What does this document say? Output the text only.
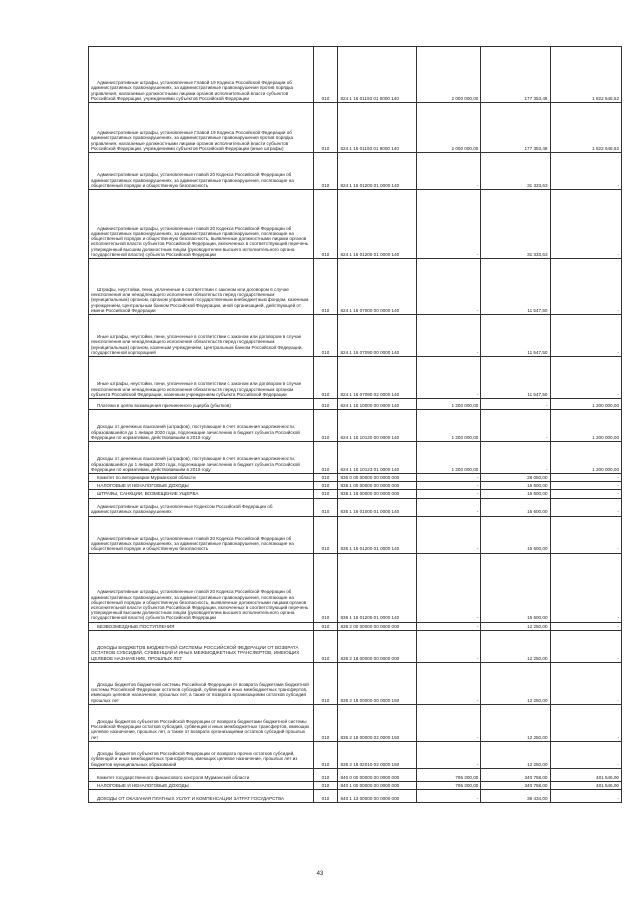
Административные штрафы, установленные Главой 19 Кодекса Российской Федерации об административных правонарушениях, за административные правонарушения против порядка управления, налагаемые должностными лицами органов исполнительной власти субъектов Российской Федерации, учреждениями субъектов Российской Федерации	010	824 1 16 01193 01 0000 140	2 000 000,00	177 353,48	1 822 646,52
Административные штрафы, установленные Главой 19 Кодекса Российской Федерации об административных правонарушениях, за административные правонарушения против порядка управления, налагаемые должностными лицами органов исполнительной власти субъектов Российской Федерации, учреждениями субъектов Российской Федерации (иные штрафы)	010	824 1 16 01193 01 9000 140	2 000 000,00	177 353,48	1 822 646,52
Административные штрафы, установленные главой 20 Кодекса Российской Федерации об административных правонарушениях, за административные правонарушения, посягающие на общественный порядок и общественную безопасность	010	824 1 16 01200 01 0000 140	-	31 333,63	-
Административные штрафы, установленные главой 20 Кодекса Российской Федерации об административных правонарушениях, за административные правонарушения, посягающие на общественный порядок и общественную безопасность, выявленные должностными лицами органов исполнительной власти субъектов Российской Федерации, включенных в соответствующий перечень утвержденный высшим должностным лицом (руководителем высшего исполнительного органа государственной власти) субъекта Российской Федерации	010	824 1 16 01205 01 0000 140	-	31 333,63	-
Штрафы, неустойки, пени, уплаченные в соответствии с законом или договором в случае неисполнения или ненадлежащего исполнения обязательств перед государственным (муниципальным) органом, органом управления государственным внебюджетным фондом, казенным учреждением, Центральным банком Российской Федерации, иной организацией, действующей от имени Российской Федерации	010	824 1 16 07000 00 0000 140	-	11 547,50	-
Иные штрафы, неустойки, пени, уплаченные в соответствии с законом или договором в случае неисполнения или ненадлежащего исполнения обязательств перед государственным (муниципальным) органом, казенным учреждением, Центральным банком Российской Федерации, государственной корпорацией	010	824 1 16 07090 00 0000 140	-	11 547,50	-
Иные штрафы, неустойки, пени, уплаченные в соответствии с законом или договором в случае неисполнения или ненадлежащего исполнения обязательств перед государственным органом субъекта Российской Федерации, казенным учреждением субъекта Российской Федерации	010	824 1 16 07090 02 0000 140	-	11 547,50	-
Платежи в целях возмещения причиненного ущерба (убытков)	010	824 1 16 10000 00 0000 140	1 200 000,00	-	1 200 000,00
Доходы от денежных взысканий (штрафов), поступающие в счет погашения задолженности, образовавшейся до 1 января 2020 года, подлежащие зачислению в бюджет субъекта Российской Федерации по нормативам, действовавшим в 2019 году	010	824 1 16 10120 00 0000 140	1 200 000,00	-	1 200 000,00
Доходы от денежных взысканий (штрафов), поступающие в счет погашения задолженности, образовавшейся до 1 января 2020 года, подлежащие зачислению в бюджет субъекта Российской Федерации по нормативам, действовавшим в 2019 году	010	824 1 16 10123 01 0000 140	1 200 000,00	-	1 200 000,00
Комитет по ветеринарии Мурманской области	010	835 0 00 00000 00 0000 000	-	28 050,00	-
НАЛОГОВЫЕ И НЕНАЛОГОВЫЕ ДОХОДЫ	010	835 1 00 00000 00 0000 000	-	15 600,00	-
ШТРАФЫ, САНКЦИИ, ВОЗМЕЩЕНИЕ УЩЕРБА	010	835 1 16 00000 00 0000 000	-	15 600,00	-
Административные штрафы, установленные Кодексом Российской Федерации об административных правонарушениях	010	835 1 16 01000 01 0000 140	-	15 600,00	-
Административные штрафы, установленные главой 20 Кодекса Российской Федерации об административных правонарушениях, за административные правонарушения, посягающие на общественный порядок и общественную безопасность	010	835 1 16 01200 01 0000 140	-	15 600,00	-
Административные штрафы, установленные главой 20 Кодекса Российской Федерации об административных правонарушениях, за административные правонарушения, посягающие на общественный порядок и общественную безопасность, выявленные должностными лицами органов исполнительной власти субъектов Российской Федерации, включенных в соответствующий перечень утвержденный высшим должностным лицом (руководителем высшего исполнительного органа государственной власти) субъекта Российской Федерации	010	835 1 16 01205 01 0000 140	-	15 600,00	-
БЕЗВОЗМЕЗДНЫЕ ПОСТУПЛЕНИЯ	010	835 2 00 00000 00 0000 000	-	12 250,00	-
ДОХОДЫ БЮДЖЕТОВ БЮДЖЕТНОЙ СИСТЕМЫ РОССИЙСКОЙ ФЕДЕРАЦИИ ОТ ВОЗВРАТА ОСТАТКОВ СУБСИДИЙ, СУБВЕНЦИЙ И ИНЫХ МЕЖБЮДЖЕТНЫХ ТРАНСФЕРТОВ, ИМЕЮЩИХ ЦЕЛЕВОЕ НАЗНАЧЕНИЕ, ПРОШЛЫХ ЛЕТ	010	835 2 18 00000 00 0000 000	-	12 250,00	-
Доходы бюджетов бюджетной системы Российской Федерации от возврата бюджетами бюджетной системы Российской Федерации остатков субсидий, субвенций и иных межбюджетных трансфертов, имеющих целевое назначение, прошлых лет, а также от возврата организациями остатков субсидий прошлых лет	010	835 2 18 00000 00 0000 150	-	12 250,00	-
Доходы бюджетов субъектов Российской Федерации от возврата бюджетами бюджетной системы Российской Федерации остатков субсидий, субвенций и иных межбюджетных трансфертов, имеющих целевое назначение, прошлых лет, а также от возврата организациями остатков субсидий прошлых лет	010	835 2 18 00000 02 0000 150	-	12 250,00	-
Доходы бюджетов субъектов Российской Федерации от возврата прочих остатков субсидий, субвенций и иных межбюджетных трансфертов, имеющих целевое назначение, прошлых лет из бюджетов муниципальных образований	010	835 2 18 02010 02 0000 150	-	12 250,00	-
Комитет государственного финансового контроля Мурманской области	010	840 0 00 00000 00 0000 000	795 300,00	340 758,00	481 546,00
НАЛОГОВЫЕ И НЕНАЛОГОВЫЕ ДОХОДЫ	010	840 1 00 00000 00 0000 000	795 300,00	340 758,00	481 546,00
ДОХОДЫ ОТ ОКАЗАНИЯ ПЛАТНЫХ УСЛУГ И КОМПЕНСАЦИИ ЗАТРАТ ГОСУДАРСТВА	010	840 1 13 00000 00 0000 000	-	39 434,00	-
43
